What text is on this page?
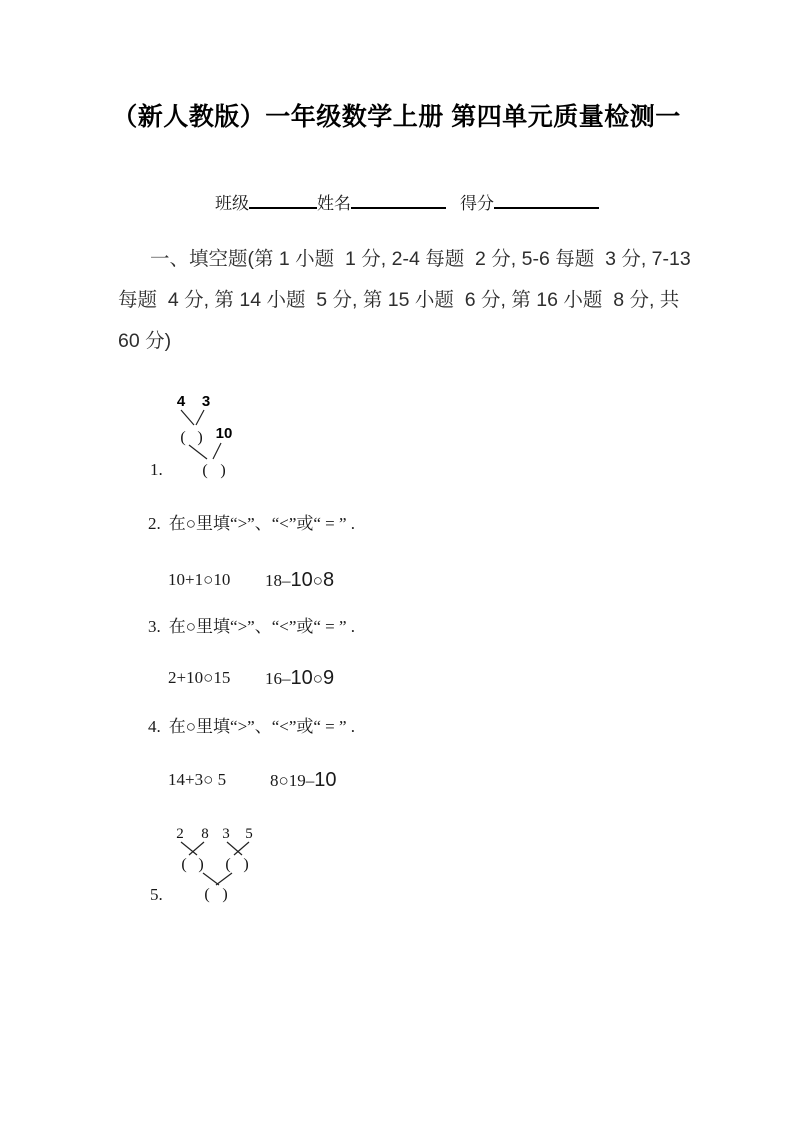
（新人教版）一年级数学上册 第四单元质量检测一
班级	姓名	得分
一、填空题(第 1 小题  1 分, 2-4 每题  2 分, 5-6 每题  3 分, 7-13
每题  4 分, 第 14 小题  5 分, 第 15 小题  6 分, 第 16 小题  8 分, 共
60 分)
4 3
( ) 10
( )
1.
2. 在○里填“>”、“<”或“ = ” .
10+1○10 18–10○8
3. 在○里填“>”、“<”或“ = ” .
2+10○15 16–10○9
4. 在○里填“>”、“<”或“ = ” .
14+3○ 5	8○19–10
2 8 3 5
( ) ( )
( )
5.
